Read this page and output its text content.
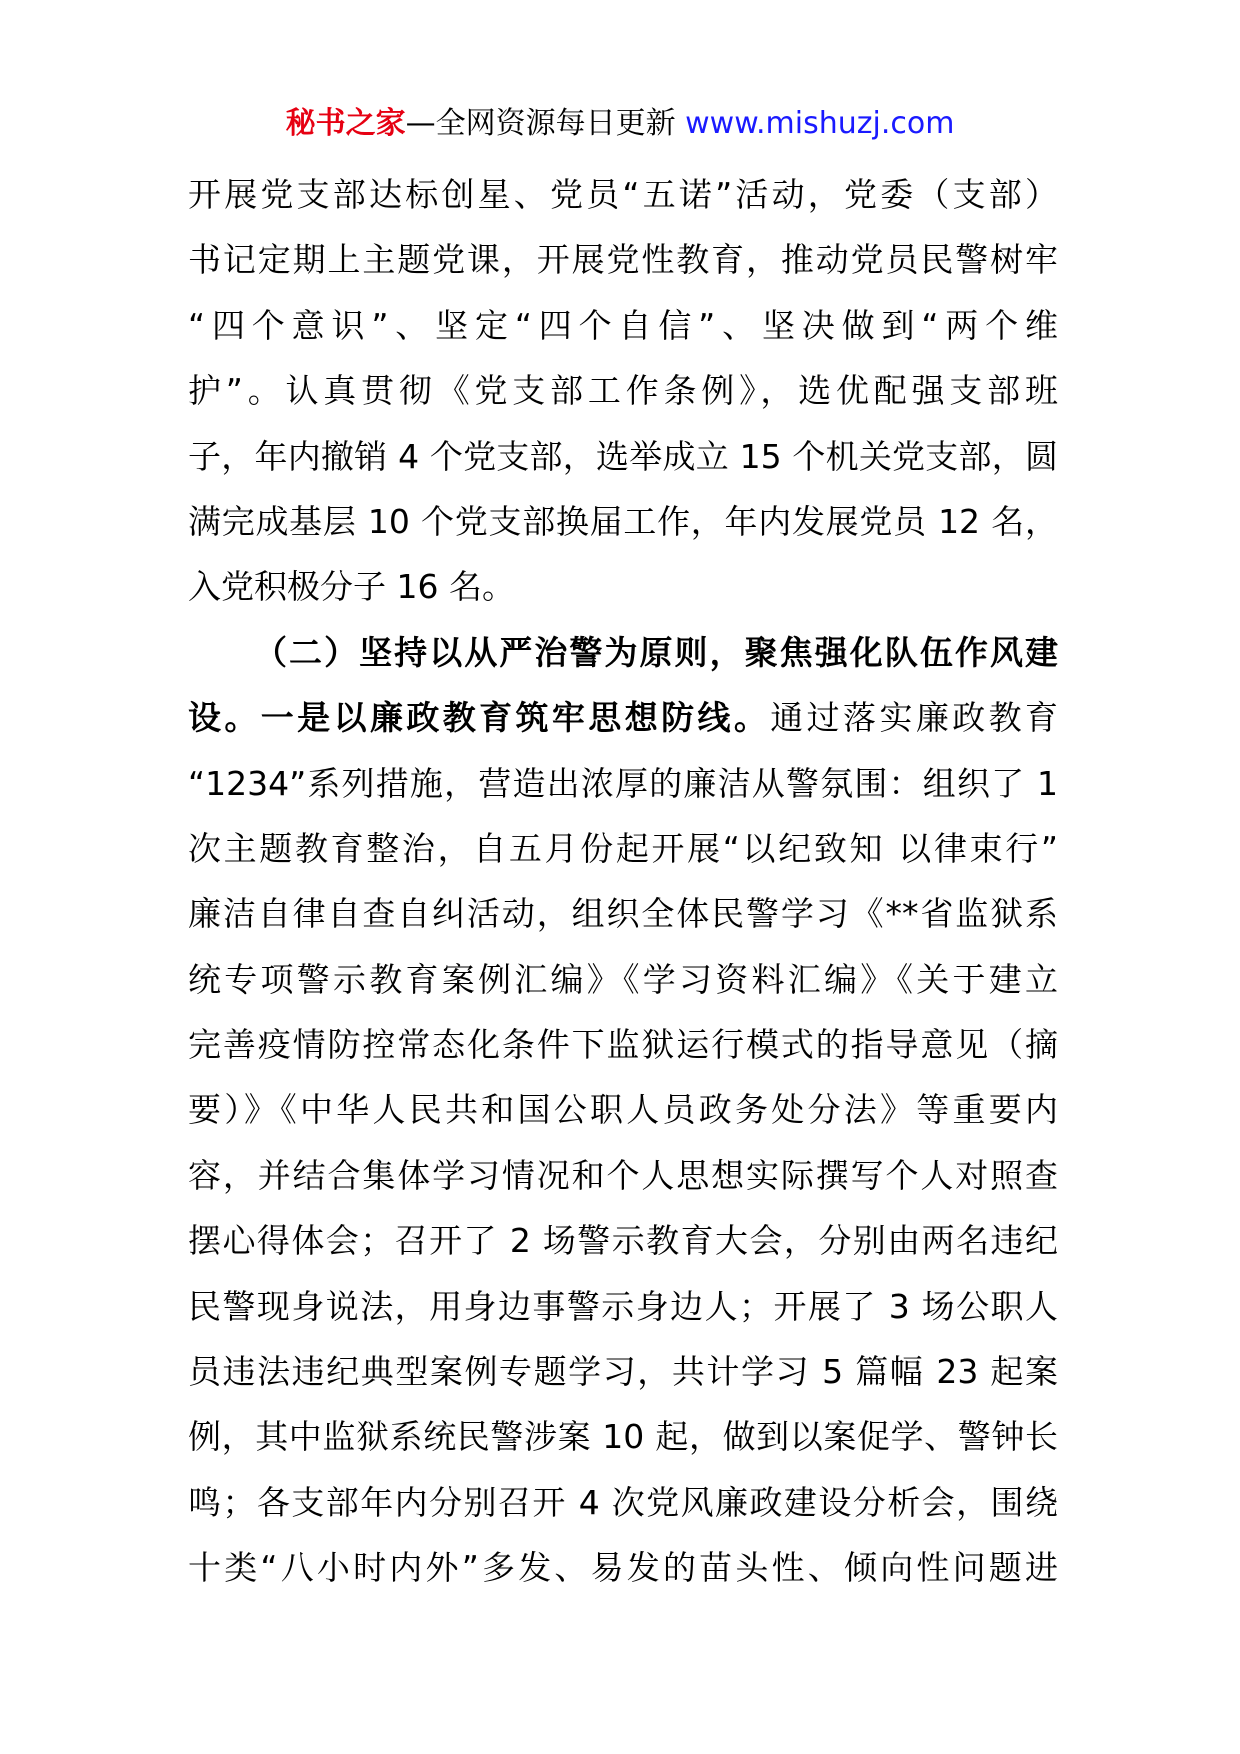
秘书之家—全网资源每日更新 www.mishuzj.com
开展党支部达标创星、党员“五诺”活动，党委（支部）
书记定期上主题党课，开展党性教育，推动党员民警树牢
“四个意识”、坚定“四个自信”、坚决做到“两个维
护”。认真贯彻《党支部工作条例》，选优配强支部班
子，年内撤销 4 个党支部，选举成立 15 个机关党支部，圆
满完成基层 10 个党支部换届工作，年内发展党员 12 名，
入党积极分子 16 名。
（二）坚持以从严治警为原则，聚焦强化队伍作风建
设。一是以廉政教育筑牢思想防线。通过落实廉政教育
“1234”系列措施，营造出浓厚的廉洁从警氛围：组织了 1
次主题教育整治，自五月份起开展“以纪致知 以律束行”
廉洁自律自查自纠活动，组织全体民警学习《**省监狱系
统专项警示教育案例汇编》《学习资料汇编》《关于建立
完善疫情防控常态化条件下监狱运行模式的指导意见（摘
要）》《中华人民共和国公职人员政务处分法》等重要内
容，并结合集体学习情况和个人思想实际撰写个人对照查
摆心得体会；召开了 2 场警示教育大会，分别由两名违纪
民警现身说法，用身边事警示身边人；开展了 3 场公职人
员违法违纪典型案例专题学习，共计学习 5 篇幅 23 起案
例，其中监狱系统民警涉案 10 起，做到以案促学、警钟长
鸣；各支部年内分别召开 4 次党风廉政建设分析会，围绕
十类“八小时内外”多发、易发的苗头性、倾向性问题进
